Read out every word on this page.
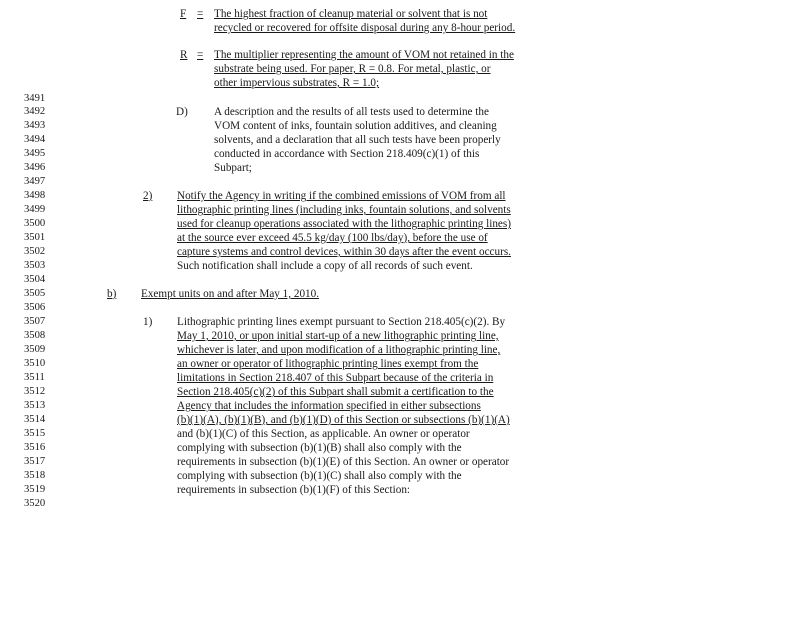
F = The highest fraction of cleanup material or solvent that is not
recycled or recovered for offsite disposal during any 8-hour period.
R = The multiplier representing the amount of VOM not retained in the
substrate being used. For paper, R = 0.8. For metal, plastic, or
other impervious substrates, R = 1.0;
3491
3492	D) A description and the results of all tests used to determine the
3493	VOM content of inks, fountain solution additives, and cleaning
3494	solvents, and a declaration that all such tests have been properly
3495	conducted in accordance with Section 218.409(c)(1) of this
3496	Subpart;
3497
3498	2) Notify the Agency in writing if the combined emissions of VOM from all
3499	lithographic printing lines (including inks, fountain solutions, and solvents
3500	used for cleanup operations associated with the lithographic printing lines)
3501	at the source ever exceed 45.5 kg/day (100 lbs/day), before the use of
3502	capture systems and control devices, within 30 days after the event occurs.
3503	Such notification shall include a copy of all records of such event.
3504
3505	b) Exempt units on and after May 1, 2010.
3506
3507	1) Lithographic printing lines exempt pursuant to Section 218.405(c)(2). By
3508	May 1, 2010, or upon initial start-up of a new lithographic printing line,
3509	whichever is later, and upon modification of a lithographic printing line,
3510	an owner or operator of lithographic printing lines exempt from the
3511	limitations in Section 218.407 of this Subpart because of the criteria in
3512	Section 218.405(c)(2) of this Subpart shall submit a certification to the
3513	Agency that includes the information specified in either subsections
3514	(b)(1)(A), (b)(1)(B), and (b)(1)(D) of this Section or subsections (b)(1)(A)
3515	and (b)(1)(C) of this Section, as applicable. An owner or operator
3516	complying with subsection (b)(1)(B) shall also comply with the
3517	requirements in subsection (b)(1)(E) of this Section. An owner or operator
3518	complying with subsection (b)(1)(C) shall also comply with the
3519	requirements in subsection (b)(1)(F) of this Section:
3520
